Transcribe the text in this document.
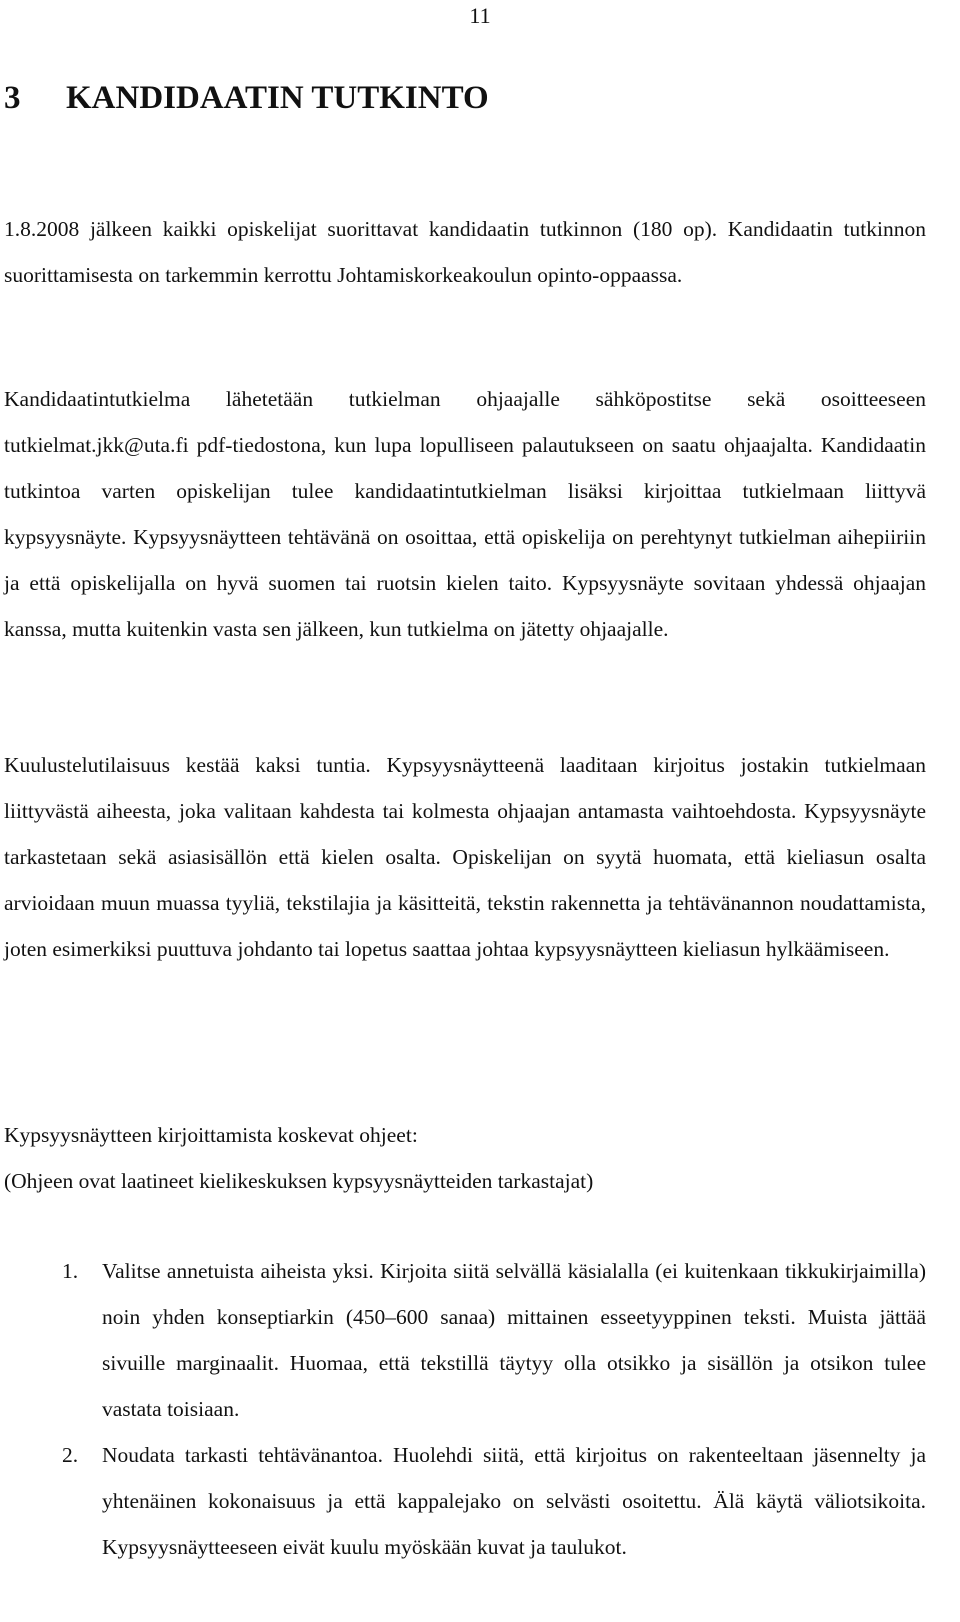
11
3 KANDIDAATIN TUTKINTO

1.8.2008 jälkeen kaikki opiskelijat suorittavat kandidaatin tutkinnon (180 op). Kandidaatin tutkinnon suorittamisesta on tarkemmin kerrottu Johtamiskorkeakoulun opinto-oppaassa.

Kandidaatintutkielma lähetetään tutkielman ohjaajalle sähköpostitse sekä osoitteeseen tutkielmat.jkk@uta.fi pdf-tiedostona, kun lupa lopulliseen palautukseen on saatu ohjaajalta. Kandidaatin tutkintoa varten opiskelijan tulee kandidaatintutkielman lisäksi kirjoittaa tutkielmaan liittyvä kypsyysnäyte. Kypsyysnäytteen tehtävänä on osoittaa, että opiskelija on perehtynyt tutkielman aihepiiriin ja että opiskelijalla on hyvä suomen tai ruotsin kielen taito. Kypsyysnäyte sovitaan yhdessä ohjaajan kanssa, mutta kuitenkin vasta sen jälkeen, kun tutkielma on jätetty ohjaajalle.

Kuulustelutilaisuus kestää kaksi tuntia. Kypsyysnäytteenä laaditaan kirjoitus jostakin tutkielmaan liittyvästä aiheesta, joka valitaan kahdesta tai kolmesta ohjaajan antamasta vaihtoehdosta. Kypsyysnäyte tarkastetaan sekä asiasisällön että kielen osalta. Opiskelijan on syytä huomata, että kieliasun osalta arvioidaan muun muassa tyyliä, tekstilajia ja käsitteitä, tekstin rakennetta ja tehtävänannon noudattamista, joten esimerkiksi puuttuva johdanto tai lopetus saattaa johtaa kypsyysnäytteen kieliasun hylkäämiseen.

Kypsyysnäytteen kirjoittamista koskevat ohjeet:
(Ohjeen ovat laatineet kielikeskuksen kypsyysnäytteiden tarkastajat)
1. Valitse annetuista aiheista yksi. Kirjoita siitä selvällä käsialalla (ei kuitenkaan tikkukirjaimilla) noin yhden konseptiarkin (450–600 sanaa) mittainen esseetyyppinen teksti. Muista jättää sivuille marginaalit. Huomaa, että tekstillä täytyy olla otsikko ja sisällön ja otsikon tulee vastata toisiaan.
2. Noudata tarkasti tehtävänantoa. Huolehdi siitä, että kirjoitus on rakenteeltaan jäsennelty ja yhtenäinen kokonaisuus ja että kappalejako on selvästi osoitettu. Älä käytä väliotsikoita. Kypsyysnäytteeseen eivät kuulu myöskään kuvat ja taulukot.
